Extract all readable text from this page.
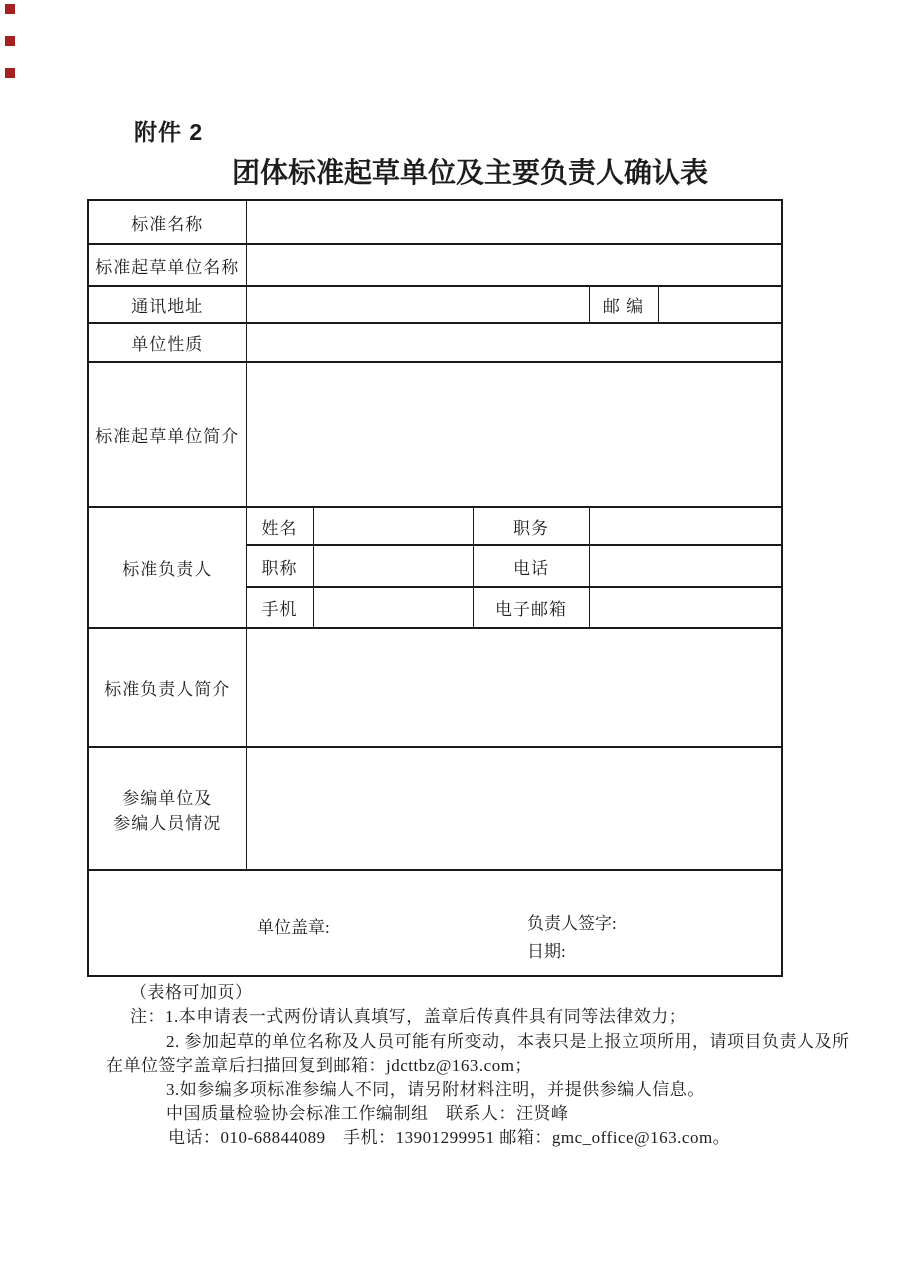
附件 2
团体标准起草单位及主要负责人确认表
标准名称					
标准起草单位名称					
通讯地址				邮 编	
单位性质					
标准起草单位简介					
标准负责人	姓名		职务		
	职称		电话		
	手机		电子邮箱		
标准负责人简介					

参编单位及
参编人员情况					

单位盖章: 负责人签字:
日期:					
（表格可加页）
注：1.本申请表一式两份请认真填写，盖章后传真件具有同等法律效力；
2. 参加起草的单位名称及人员可能有所变动，本表只是上报立项所用，请项目负责人及所
在单位签字盖章后扫描回复到邮箱：jdcttbz@163.com；
3.如参编多项标准参编人不同，请另附材料注明，并提供参编人信息。
中国质量检验协会标准工作编制组　联系人：汪贤峰
电话：010-68844089　手机：13901299951 邮箱：gmc_office@163.com。
